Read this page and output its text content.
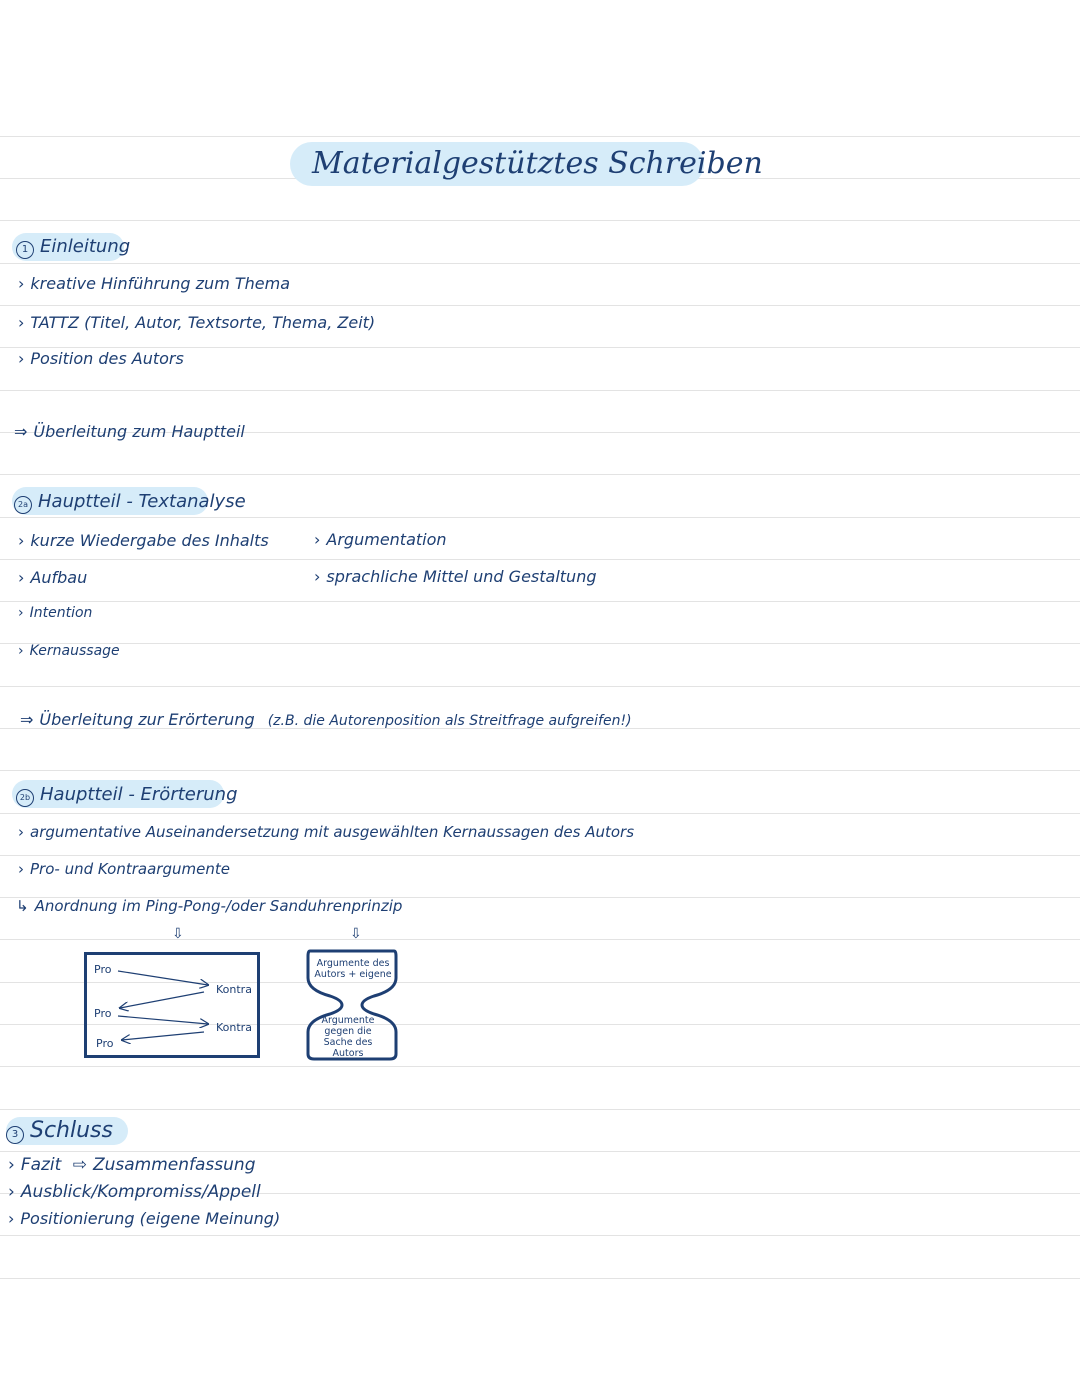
Materialgestütztes Schreiben
1 Einleitung
› kreative Hinführung zum Thema
› TATTZ (Titel, Autor, Textsorte, Thema, Zeit)
› Position des Autors
⇒ Überleitung zum Hauptteil
2a Hauptteil - Textanalyse
› kurze Wiedergabe des Inhalts
› Aufbau
› Intention
› Kernaussage
› Argumentation
› sprachliche Mittel und Gestaltung
⇒ Überleitung zur Erörterung (z.B. die Autorenposition als Streitfrage aufgreifen!)
2b Hauptteil - Erörterung
› argumentative Auseinandersetzung mit ausgewählten Kernaussagen des Autors
› Pro- und Kontraargumente
↳ Anordnung im Ping-Pong-/oder Sanduhrenprinzip
⇩	⇩
Pro
Kontra
Pro
Kontra
Pro
Argumente des Autors + eigene
Argumente gegen die Sache des Autors
3 Schluss
› Fazit ⇨ Zusammenfassung
› Ausblick/Kompromiss/Appell
› Positionierung (eigene Meinung)
